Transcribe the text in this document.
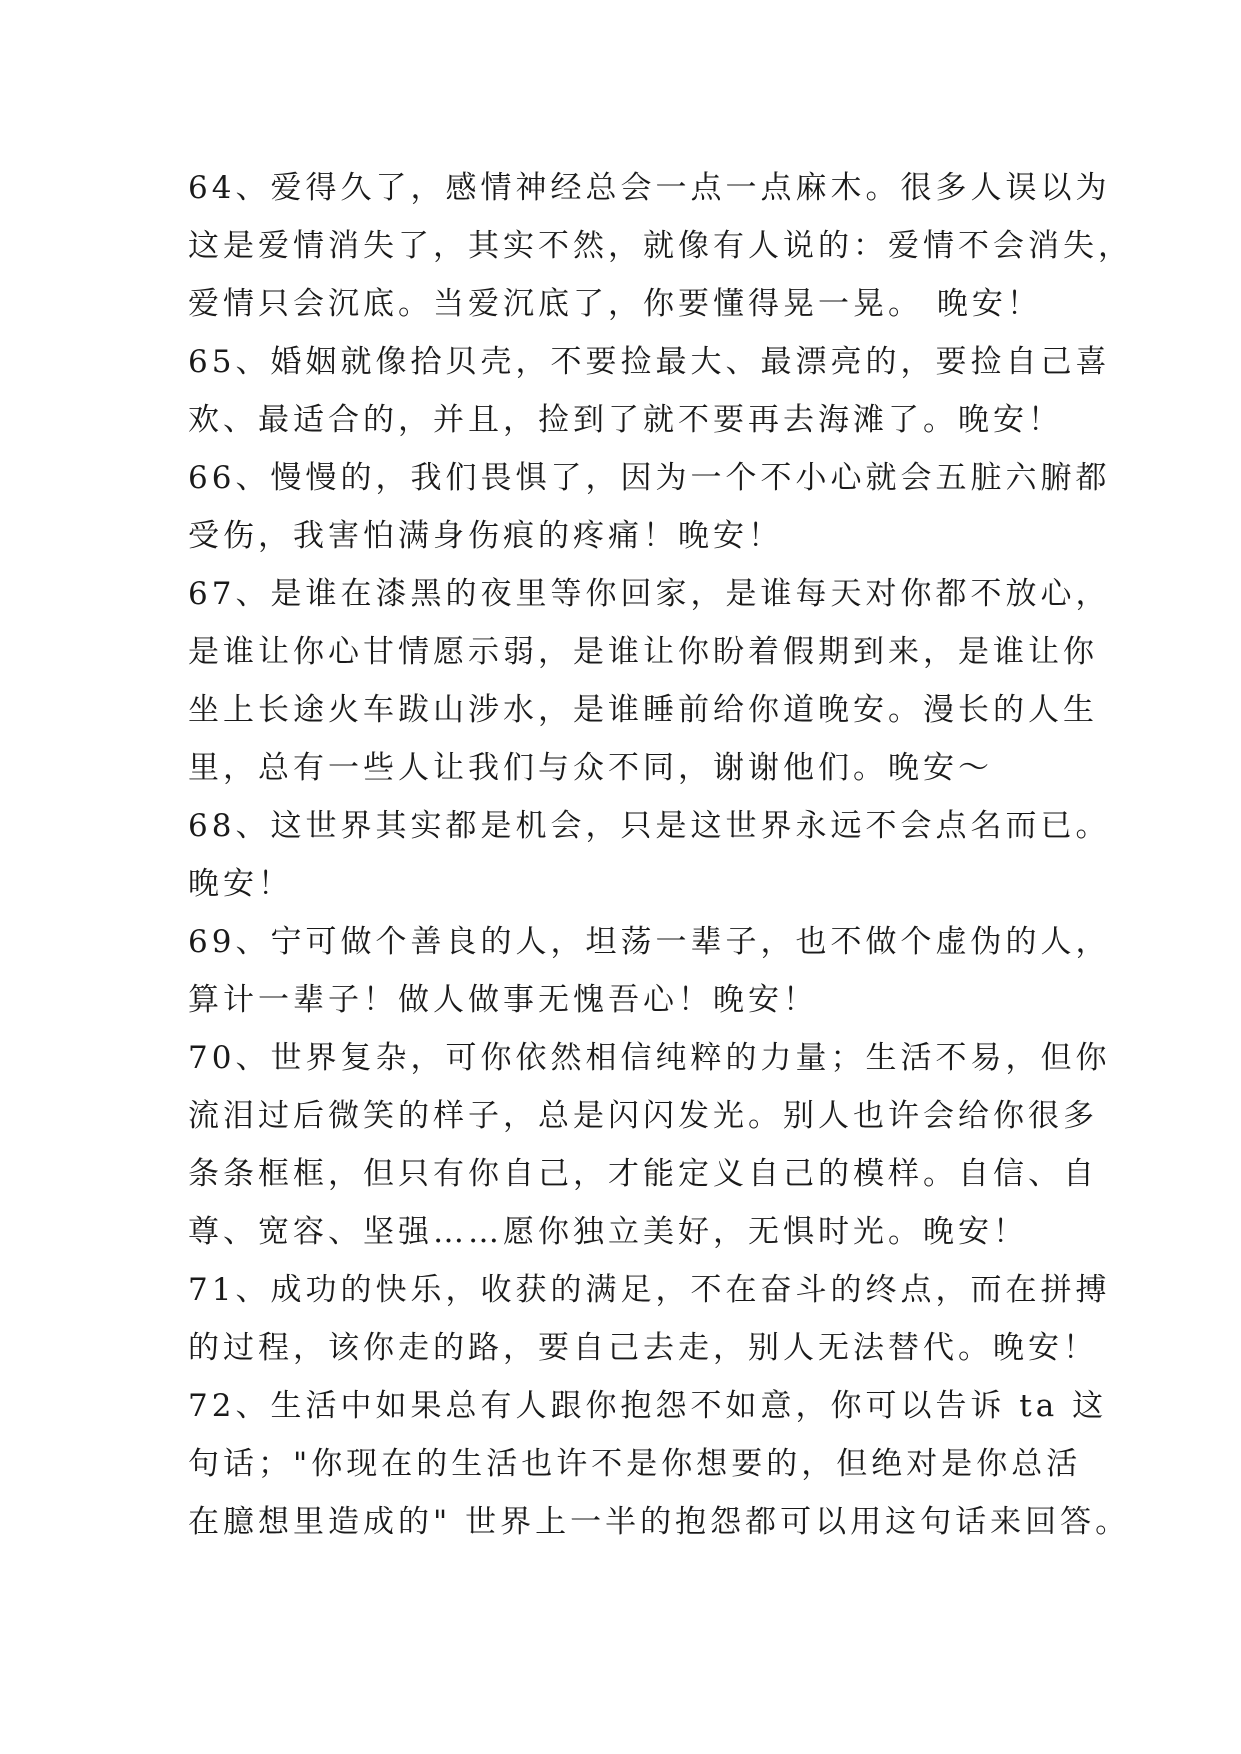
64、爱得久了，感情神经总会一点一点麻木。很多人误以为
这是爱情消失了，其实不然，就像有人说的：爱情不会消失，
爱情只会沉底。当爱沉底了，你要懂得晃一晃。 晚安！
65、婚姻就像拾贝壳，不要捡最大、最漂亮的，要捡自己喜
欢、最适合的，并且，捡到了就不要再去海滩了。晚安！
66、慢慢的，我们畏惧了，因为一个不小心就会五脏六腑都
受伤，我害怕满身伤痕的疼痛！晚安！
67、是谁在漆黑的夜里等你回家，是谁每天对你都不放心，
是谁让你心甘情愿示弱，是谁让你盼着假期到来，是谁让你
坐上长途火车跋山涉水，是谁睡前给你道晚安。漫长的人生
里，总有一些人让我们与众不同，谢谢他们。晚安～
68、这世界其实都是机会，只是这世界永远不会点名而已。
晚安！
69、宁可做个善良的人，坦荡一辈子，也不做个虚伪的人，
算计一辈子！做人做事无愧吾心！晚安！
70、世界复杂，可你依然相信纯粹的力量；生活不易，但你
流泪过后微笑的样子，总是闪闪发光。别人也许会给你很多
条条框框，但只有你自己，才能定义自己的模样。自信、自
尊、宽容、坚强……愿你独立美好，无惧时光。晚安！
71、成功的快乐，收获的满足，不在奋斗的终点，而在拼搏
的过程，该你走的路，要自己去走，别人无法替代。晚安！
72、生活中如果总有人跟你抱怨不如意，你可以告诉 ta 这
句话；"你现在的生活也许不是你想要的，但绝对是你总活
在臆想里造成的" 世界上一半的抱怨都可以用这句话来回答。
